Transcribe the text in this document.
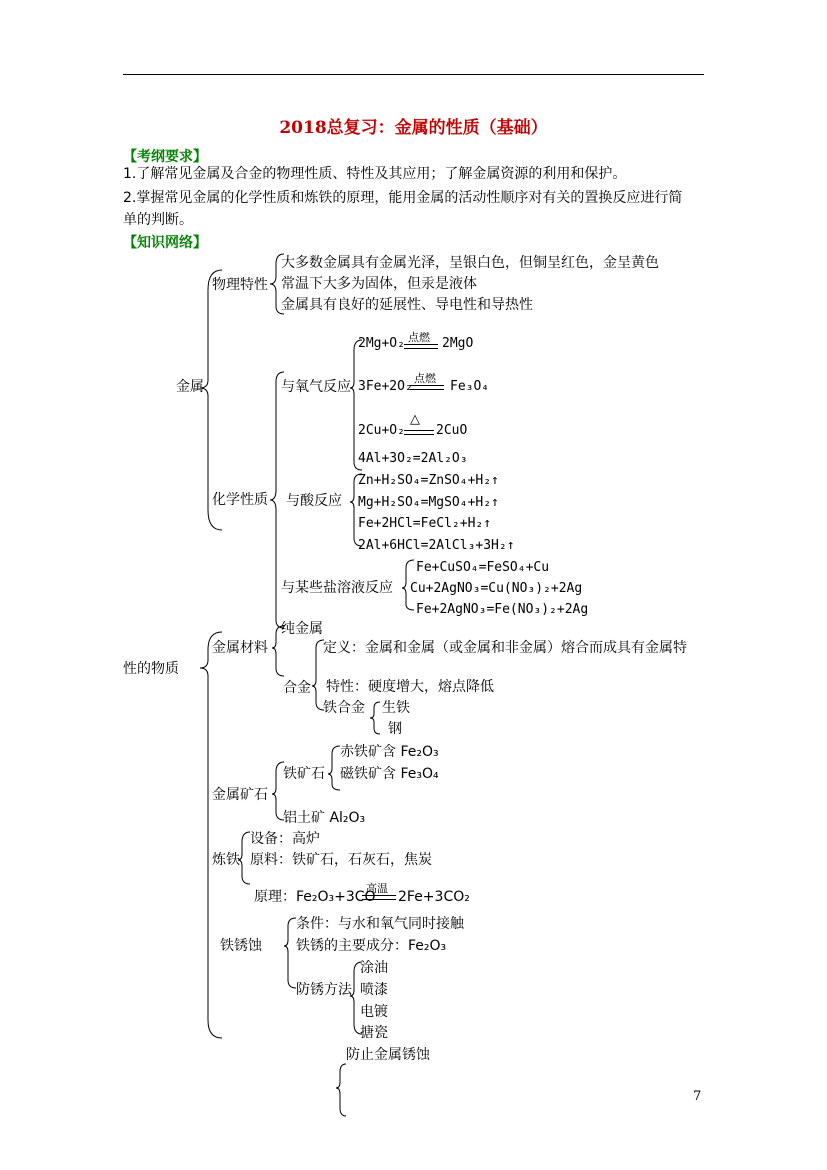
2018总复习：金属的性质（基础）
【考纲要求】
1.了解常见金属及合金的物理性质、特性及其应用；了解金属资源的利用和保护。
2.掌握常见金属的化学性质和炼铁的原理，能用金属的活动性顺序对有关的置换反应进行简
单的判断。
【知识网络】
金属
性的物质
物理特性
大多数金属具有金属光泽，呈银白色，但铜呈红色，金呈黄色
常温下大多为固体，但汞是液体
金属具有良好的延展性、导电性和导热性
化学性质
与氧气反应
2Mg+O₂ 点燃 2MgO
3Fe+2O₂
点燃
Fe₃O₄
2Cu+O₂
△
2CuO
4Al+3O₂=2Al₂O₃
与酸反应
Zn+H₂SO₄=ZnSO₄+H₂↑
Mg+H₂SO₄=MgSO₄+H₂↑
Fe+2HCl=FeCl₂+H₂↑
2Al+6HCl=2AlCl₃+3H₂↑
与某些盐溶液反应
Fe+CuSO₄=FeSO₄+Cu
Cu+2AgNO₃=Cu(NO₃)₂+2Ag
Fe+2AgNO₃=Fe(NO₃)₂+2Ag
金属材料
纯金属
合金
定义：金属和金属（或金属和非金属）熔合而成具有金属特
特性：硬度增大，熔点降低
铁合金 生铁
钢
金属矿石
铁矿石
赤铁矿含 Fe₂O₃
磁铁矿含 Fe₃O₄
铝土矿 Al₂O₃
炼铁
设备：高炉
原料：铁矿石，石灰石，焦炭
原理：Fe₂O₃+3CO
高温
2Fe+3CO₂
铁锈蚀
条件：与水和氧气同时接触
铁锈的主要成分：Fe₂O₃
防锈方法
涂油
喷漆
电镀
搪瓷
防止金属锈蚀
7
